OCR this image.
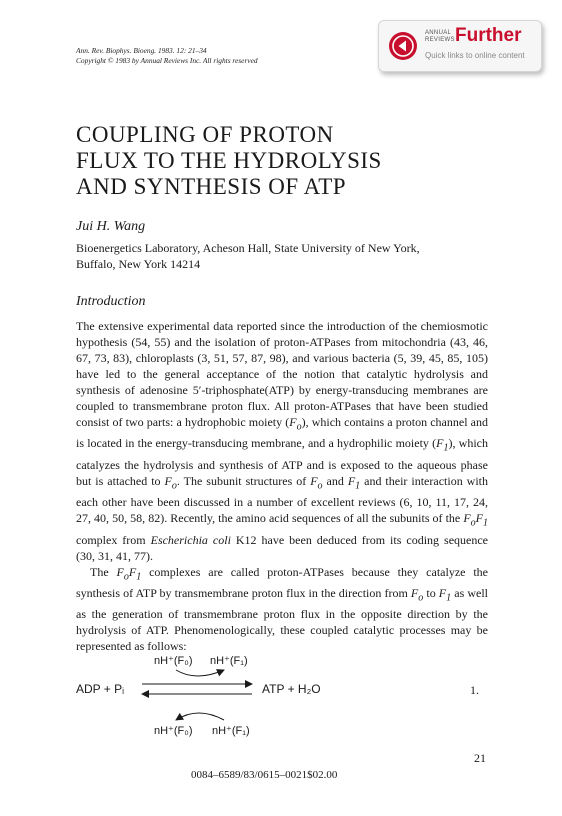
Ann. Rev. Biophys. Bioeng. 1983. 12: 21–34
Copyright © 1983 by Annual Reviews Inc. All rights reserved
ANNUAL
REVIEWS Further
Quick links to online content
COUPLING OF PROTON
FLUX TO THE HYDROLYSIS
AND SYNTHESIS OF ATP
Jui H. Wang
Bioenergetics Laboratory, Acheson Hall, State University of New York,
Buffalo, New York 14214
Introduction

The extensive experimental data reported since the introduction of the chemiosmotic hypothesis (54, 55) and the isolation of proton-ATPases from mitochondria (43, 46, 67, 73, 83), chloroplasts (3, 51, 57, 87, 98), and various bacteria (5, 39, 45, 85, 105) have led to the general acceptance of the notion that catalytic hydrolysis and synthesis of adenosine 5′-triphosphate(ATP) by energy-transducing membranes are coupled to transmembrane proton flux. All proton-ATPases that have been studied consist of two parts: a hydrophobic moiety $(F_o)$, which contains a proton channel and is located in the energy-transducing membrane, and a hydrophilic moiety $(F_1)$, which catalyzes the hydrolysis and synthesis of ATP and is exposed to the aqueous phase but is attached to $F_o$. The subunit structures of $F_o$ and $F_1$ and their interaction with each other have been discussed in a number of excellent reviews (6, 10, 11, 17, 24, 27, 40, 50, 58, 82). Recently, the amino acid sequences of all the subunits of the $F_oF_1$ complex from Escherichia coli K12 have been deduced from its coding sequence (30, 31, 41, 77).

The $F_oF_1$ complexes are called proton-ATPases because they catalyze the synthesis of ATP by transmembrane proton flux in the direction from $F_o$ to $F_1$ as well as the generation of transmembrane proton flux in the opposite direction by the hydrolysis of ATP. Phenomenologically, these coupled catalytic processes may be represented as follows:

nH⁺(F₀) nH⁺(F₁)
ADP + Pᵢ	ATP + H₂O
nH⁺(F₀) nH⁺(F₁)
1.
21
0084–6589/83/0615–0021$02.00
